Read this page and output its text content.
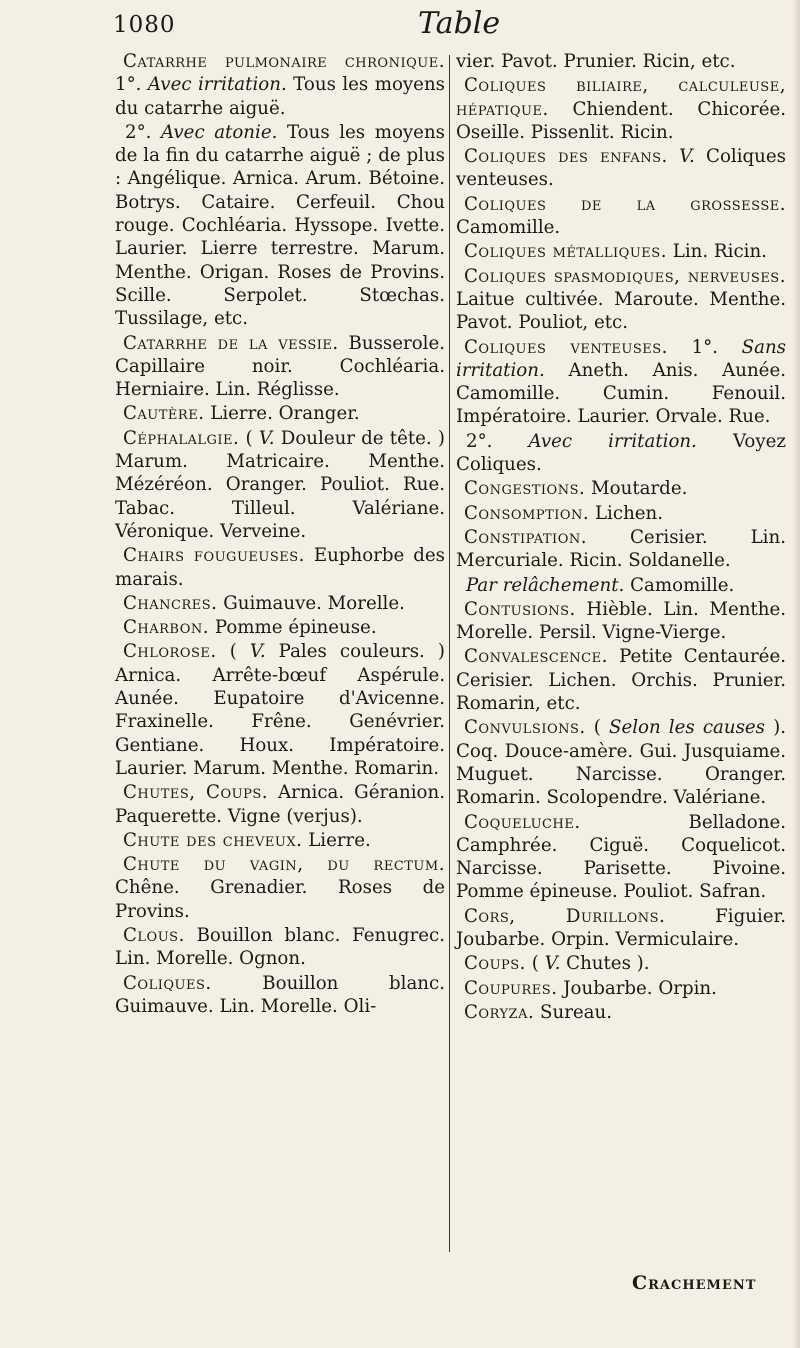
1080	Table

Catarrhe pulmonaire chronique. 1°. Avec irritation. Tous les moyens du catarrhe aiguë.

2°. Avec atonie. Tous les moyens de la fin du catarrhe aiguë ; de plus : Angélique. Arnica. Arum. Bétoine. Botrys. Cataire. Cerfeuil. Chou rouge. Cochléaria. Hyssope. Ivette. Laurier. Lierre terrestre. Marum. Menthe. Origan. Roses de Provins. Scille. Serpolet. Stœchas. Tussilage, etc.

Catarrhe de la vessie. Busserole. Capillaire noir. Cochléaria. Herniaire. Lin. Réglisse.

Cautère. Lierre. Oranger.

Céphalalgie. ( V. Douleur de tête. ) Marum. Matricaire. Menthe. Mézéréon. Oranger. Pouliot. Rue. Tabac. Tilleul. Valériane. Véronique. Verveine.

Chairs fougueuses. Euphorbe des marais.

Chancres. Guimauve. Morelle.

Charbon. Pomme épineuse.

Chlorose. ( V. Pales couleurs. ) Arnica. Arrête-bœuf Aspérule. Aunée. Eupatoire d'Avicenne. Fraxinelle. Frêne. Genévrier. Gentiane. Houx. Impératoire. Laurier. Marum. Menthe. Romarin.

Chutes, Coups. Arnica. Géranion. Paquerette. Vigne (verjus).

Chute des cheveux. Lierre.

Chute du vagin, du rectum. Chêne. Grenadier. Roses de Provins.

Clous. Bouillon blanc. Fenugrec. Lin. Morelle. Ognon.

Coliques. Bouillon blanc. Guimauve. Lin. Morelle. Oli-

vier. Pavot. Prunier. Ricin, etc.

Coliques biliaire, calculeuse, hépatique. Chiendent. Chicorée. Oseille. Pissenlit. Ricin.

Coliques des enfans. V. Coliques venteuses.

Coliques de la grossesse. Camomille.

Coliques métalliques. Lin. Ricin.

Coliques spasmodiques, nerveuses. Laitue cultivée. Maroute. Menthe. Pavot. Pouliot, etc.

Coliques venteuses. 1°. Sans irritation. Aneth. Anis. Aunée. Camomille. Cumin. Fenouil. Impératoire. Laurier. Orvale. Rue.

2°. Avec irritation. Voyez Coliques.

Congestions. Moutarde.

Consomption. Lichen.

Constipation. Cerisier. Lin. Mercuriale. Ricin. Soldanelle.

Par relâchement. Camomille.

Contusions. Hièble. Lin. Menthe. Morelle. Persil. Vigne-Vierge.

Convalescence. Petite Centaurée. Cerisier. Lichen. Orchis. Prunier. Romarin, etc.

Convulsions. ( Selon les causes ). Coq. Douce-amère. Gui. Jusquiame. Muguet. Narcisse. Oranger. Romarin. Scolopendre. Valériane.

Coqueluche. Belladone. Camphrée. Ciguë. Coquelicot. Narcisse. Parisette. Pivoine. Pomme épineuse. Pouliot. Safran.

Cors, Durillons. Figuier. Joubarbe. Orpin. Vermiculaire.

Coups. ( V. Chutes ).

Coupures. Joubarbe. Orpin.

Coryza. Sureau.

Crachement
